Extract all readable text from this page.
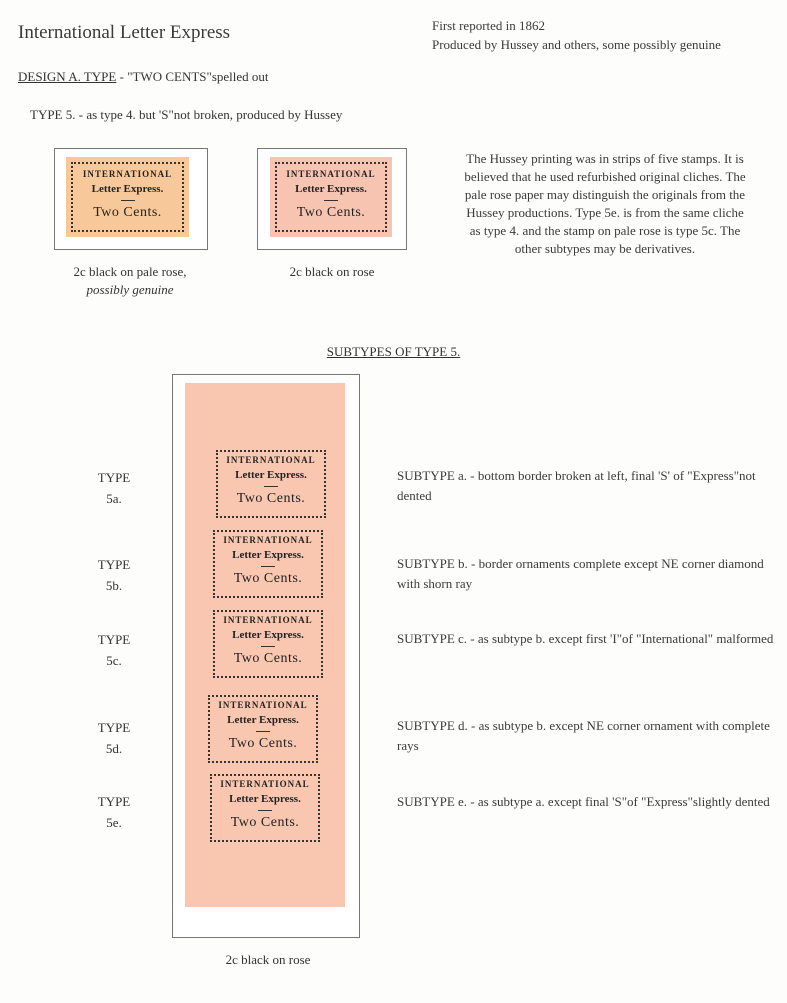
International Letter Express	First reported in 1862
Produced by Hussey and others, some possibly genuine
DESIGN A. TYPE - "TWO CENTS"spelled out
TYPE 5. - as type 4. but 'S"not broken, produced by Hussey
INTERNATIONAL
Letter Express.
Two Cents.
2c black on pale rose,
possibly genuine
INTERNATIONAL
Letter Express.
Two Cents.
2c black on rose
The Hussey printing was in strips of five stamps. It is believed that he used refurbished original cliches. The pale rose paper may distinguish the originals from the Hussey productions. Type 5e. is from the same cliche as type 4. and the stamp on pale rose is type 5c. The other subtypes may be derivatives.
SUBTYPES OF TYPE 5.
INTERNATIONAL
Letter Express.
Two Cents.
INTERNATIONAL
Letter Express.
Two Cents.
INTERNATIONAL
Letter Express.
Two Cents.
INTERNATIONAL
Letter Express.
Two Cents.
INTERNATIONAL
Letter Express.
Two Cents.
2c black on rose
TYPE
5a.
TYPE
5b.
TYPE
5c.
TYPE
5d.
TYPE
5e.
SUBTYPE a. - bottom border broken at left, final 'S' of "Express"not dented
SUBTYPE b. - border ornaments complete except NE corner diamond with shorn ray
SUBTYPE c. - as subtype b. except first 'I"of "International" malformed
SUBTYPE d. - as subtype b. except NE corner ornament with complete rays
SUBTYPE e. - as subtype a. except final 'S"of "Express"slightly dented
